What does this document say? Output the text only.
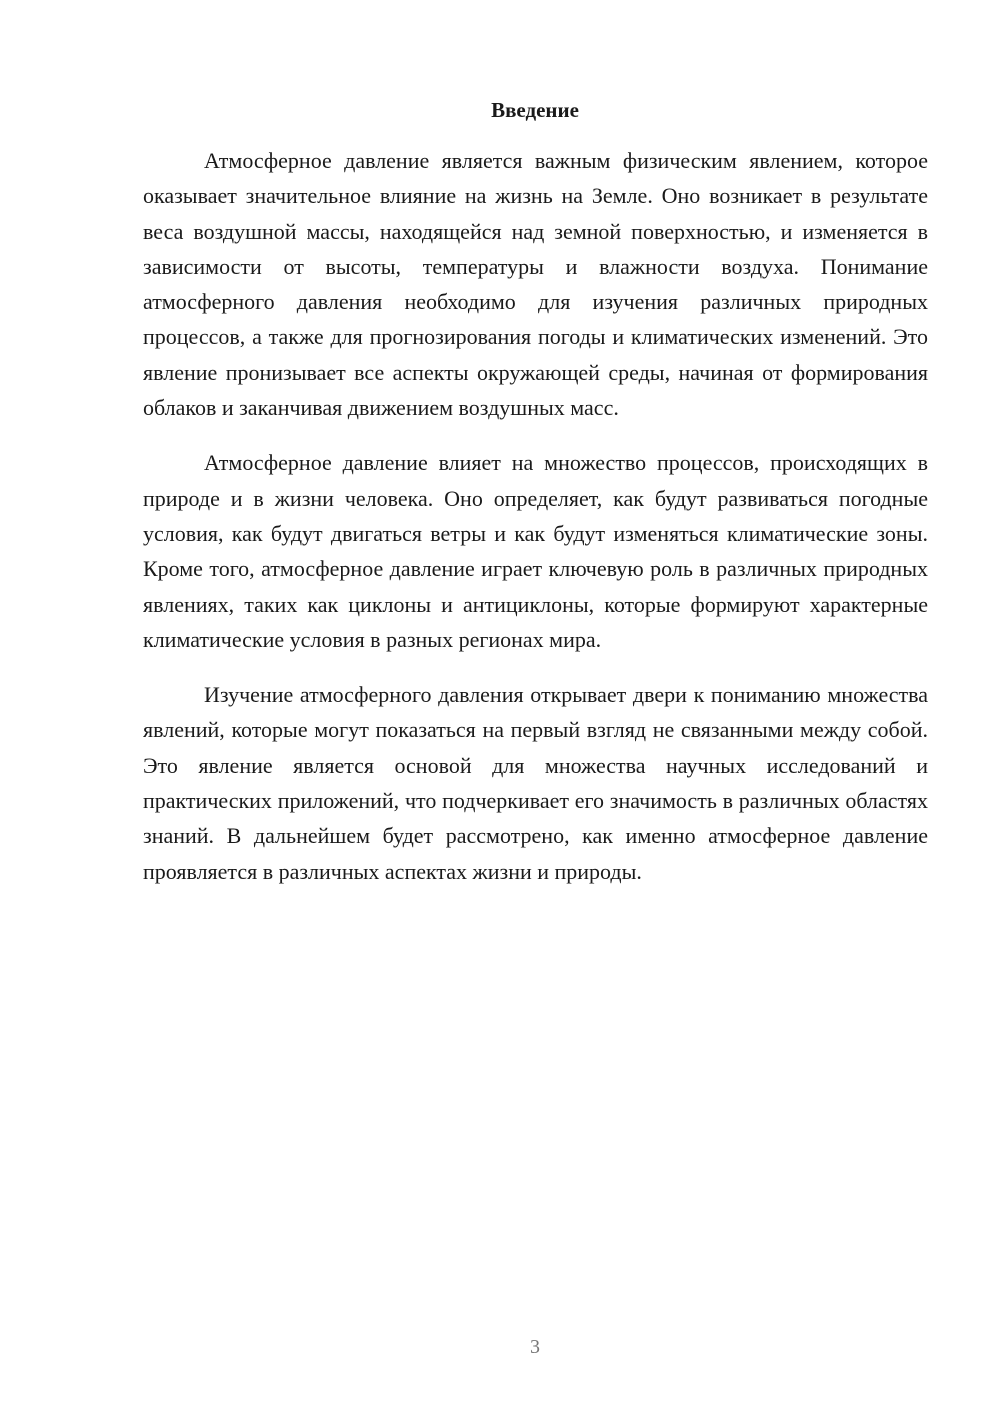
Введение

Атмосферное давление является важным физическим явлением, которое оказывает значительное влияние на жизнь на Земле. Оно возникает в результате веса воздушной массы, находящейся над земной поверхностью, и изменяется в зависимости от высоты, температуры и влажности воздуха. Понимание атмосферного давления необходимо для изучения различных природных процессов, а также для прогнозирования погоды и климатических изменений. Это явление пронизывает все аспекты окружающей среды, начиная от формирования облаков и заканчивая движением воздушных масс.

Атмосферное давление влияет на множество процессов, происходящих в природе и в жизни человека. Оно определяет, как будут развиваться погодные условия, как будут двигаться ветры и как будут изменяться климатические зоны. Кроме того, атмосферное давление играет ключевую роль в различных природных явлениях, таких как циклоны и антициклоны, которые формируют характерные климатические условия в разных регионах мира.

Изучение атмосферного давления открывает двери к пониманию множества явлений, которые могут показаться на первый взгляд не связанными между собой. Это явление является основой для множества научных исследований и практических приложений, что подчеркивает его значимость в различных областях знаний. В дальнейшем будет рассмотрено, как именно атмосферное давление проявляется в различных аспектах жизни и природы.

3
